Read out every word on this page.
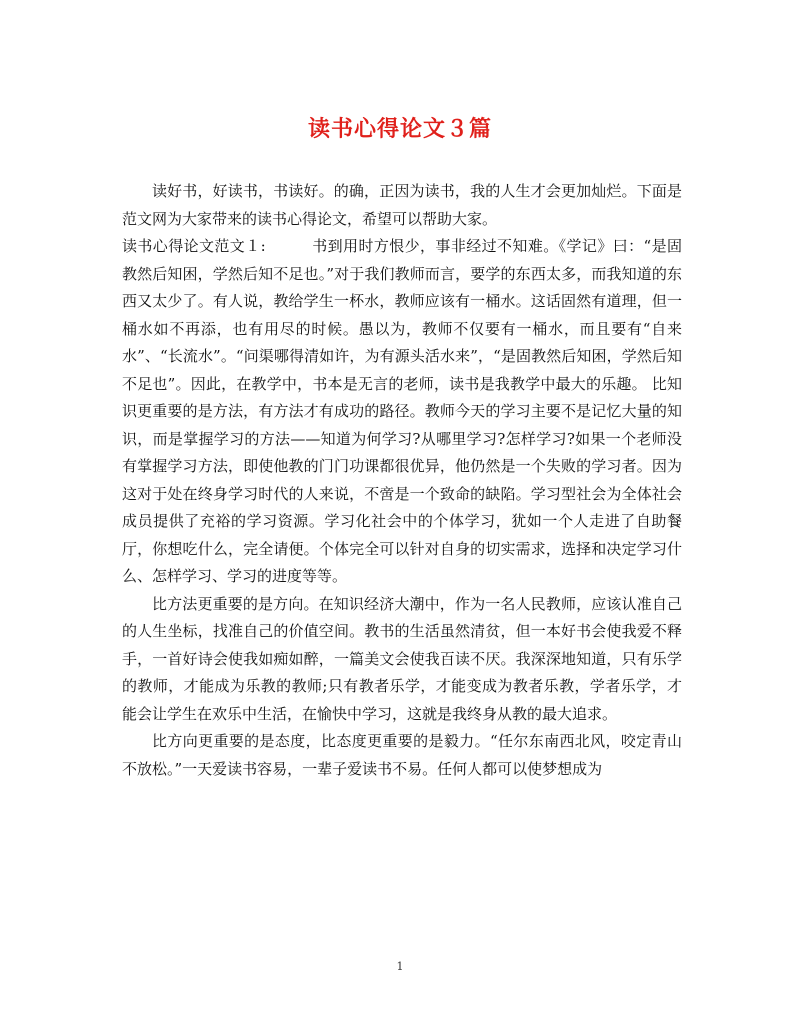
读书心得论文３篇

读好书，好读书，书读好。的确，正因为读书，我的人生才会更加灿烂。下面是范文网为大家带来的读书心得论文，希望可以帮助大家。

读书心得论文范文１:　　　书到用时方恨少，事非经过不知难。《学记》曰：“是固教然后知困，学然后知不足也。”对于我们教师而言，要学的东西太多，而我知道的东西又太少了。有人说，教给学生一杯水，教师应该有一桶水。这话固然有道理，但一桶水如不再添，也有用尽的时候。愚以为，教师不仅要有一桶水，而且要有“自来水”、“长流水”。“问渠哪得清如许，为有源头活水来”，“是固教然后知困，学然后知不足也”。因此，在教学中，书本是无言的老师，读书是我教学中最大的乐趣。 比知识更重要的是方法，有方法才有成功的路径。教师今天的学习主要不是记忆大量的知识，而是掌握学习的方法——知道为何学习?从哪里学习?怎样学习?如果一个老师没有掌握学习方法，即使他教的门门功课都很优异，他仍然是一个失败的学习者。因为这对于处在终身学习时代的人来说，不啻是一个致命的缺陷。学习型社会为全体社会成员提供了充裕的学习资源。学习化社会中的个体学习，犹如一个人走进了自助餐厅，你想吃什么，完全请便。个体完全可以针对自身的切实需求，选择和决定学习什么、怎样学习、学习的进度等等。

比方法更重要的是方向。在知识经济大潮中，作为一名人民教师，应该认准自己的人生坐标，找准自己的价值空间。教书的生活虽然清贫，但一本好书会使我爱不释手，一首好诗会使我如痴如醉，一篇美文会使我百读不厌。我深深地知道，只有乐学的教师，才能成为乐教的教师;只有教者乐学，才能变成为教者乐教，学者乐学，才能会让学生在欢乐中生活，在愉快中学习，这就是我终身从教的最大追求。

比方向更重要的是态度，比态度更重要的是毅力。“任尔东南西北风，咬定青山不放松。”一天爱读书容易，一辈子爱读书不易。任何人都可以使梦想成为

1
